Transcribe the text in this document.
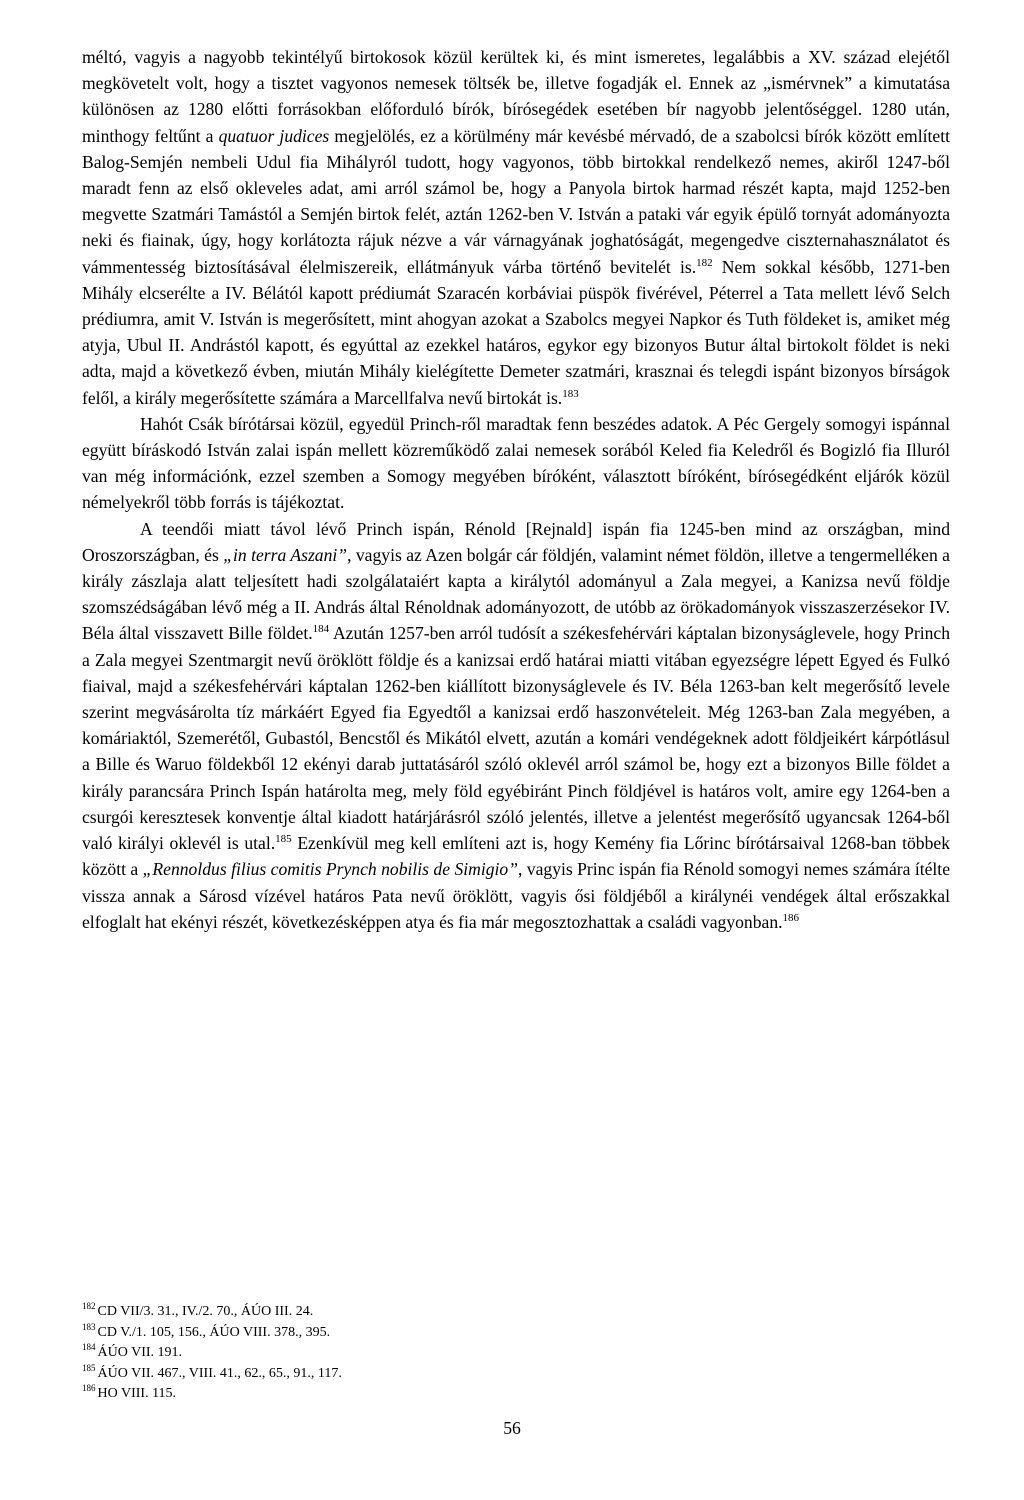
méltó, vagyis a nagyobb tekintélyű birtokosok közül kerültek ki, és mint ismeretes, legalábbis a XV. század elejétől megkövetelt volt, hogy a tisztet vagyonos nemesek töltsék be, illetve fogadják el. Ennek az „ismérvnek” a kimutatása különösen az 1280 előtti forrásokban előforduló bírók, bírósegédek esetében bír nagyobb jelentőséggel. 1280 után, minthogy feltűnt a quatuor judices megjelölés, ez a körülmény már kevésbé mérvadó, de a szabolcsi bírók között említett Balog-Semjén nembeli Udul fia Mihályról tudott, hogy vagyonos, több birtokkal rendelkező nemes, akiről 1247-ből maradt fenn az első okleveles adat, ami arról számol be, hogy a Panyola birtok harmad részét kapta, majd 1252-ben megvette Szatmári Tamástól a Semjén birtok felét, aztán 1262-ben V. István a pataki vár egyik épülő tornyát adományozta neki és fiainak, úgy, hogy korlátozta rájuk nézve a vár várnagyának joghatóságát, megengedve ciszternahasználatot és vámmentesség biztosításával élelmiszereik, ellátmányuk várba történő bevitelét is.$^{182}$ Nem sokkal később, 1271-ben Mihály elcserélte a IV. Bélától kapott prédiumát Szaracén korbáviai püspök fivérével, Péterrel a Tata mellett lévő Selch prédiumra, amit V. István is megerősített, mint ahogyan azokat a Szabolcs megyei Napkor és Tuth földeket is, amiket még atyja, Ubul II. Andrástól kapott, és egyúttal az ezekkel határos, egykor egy bizonyos Butur által birtokolt földet is neki adta, majd a következő évben, miután Mihály kielégítette Demeter szatmári, krasznai és telegdi ispánt bizonyos bírságok felől, a király megerősítette számára a Marcellfalva nevű birtokát is.$^{183}$

Hahót Csák bírótársai közül, egyedül Princh-ről maradtak fenn beszédes adatok. A Péc Gergely somogyi ispánnal együtt bíráskodó István zalai ispán mellett közreműködő zalai nemesek sorából Keled fia Keledről és Bogizló fia Illuról van még információnk, ezzel szemben a Somogy megyében bíróként, választott bíróként, bírósegédként eljárók közül némelyekről több forrás is tájékoztat.

A teendői miatt távol lévő Princh ispán, Rénold [Rejnald] ispán fia 1245-ben mind az országban, mind Oroszországban, és „in terra Aszani”, vagyis az Azen bolgár cár földjén, valamint német földön, illetve a tengermelléken a király zászlaja alatt teljesített hadi szolgálataiért kapta a királytól adományul a Zala megyei, a Kanizsa nevű földje szomszédságában lévő még a II. András által Rénoldnak adományozott, de utóbb az örökadományok visszaszerzésekor IV. Béla által visszavett Bille földet.$^{184}$ Azután 1257-ben arról tudósít a székesfehérvári káptalan bizonyságlevele, hogy Princh a Zala megyei Szentmargit nevű öröklött földje és a kanizsai erdő határai miatti vitában egyezségre lépett Egyed és Fulkó fiaival, majd a székesfehérvári káptalan 1262-ben kiállított bizonyságlevele és IV. Béla 1263-ban kelt megerősítő levele szerint megvásárolta tíz márkáért Egyed fia Egyedtől a kanizsai erdő haszonvételeit. Még 1263-ban Zala megyében, a komáriaktól, Szemerétől, Gubastól, Bencstől és Mikától elvett, azután a komári vendégeknek adott földjeikért kárpótlásul a Bille és Waruo földekből 12 ekényi darab juttatásáról szóló oklevél arról számol be, hogy ezt a bizonyos Bille földet a király parancsára Princh Ispán határolta meg, mely föld egyébiránt Pinch földjével is határos volt, amire egy 1264-ben a csurgói keresztesek konventje által kiadott határjárásról szóló jelentés, illetve a jelentést megerősítő ugyancsak 1264-ből való királyi oklevél is utal.$^{185}$ Ezenkívül meg kell említeni azt is, hogy Kemény fia Lőrinc bírótársaival 1268-ban többek között a „Rennoldus filius comitis Prynch nobilis de Simigio”, vagyis Princ ispán fia Rénold somogyi nemes számára ítélte vissza annak a Sárosd vízével határos Pata nevű öröklött, vagyis ősi földjéből a királynéi vendégek által erőszakkal elfoglalt hat ekényi részét, következésképpen atya és fia már megosztozhattak a családi vagyonban.$^{186}$

$^{182}$ CD VII/3. 31., IV./2. 70., ÁÚO III. 24.
$^{183}$ CD V./1. 105, 156., ÁÚO VIII. 378., 395.
$^{184}$ ÁÚO VII. 191.
$^{185}$ ÁÚO VII. 467., VIII. 41., 62., 65., 91., 117.
$^{186}$ HO VIII. 115.
56
